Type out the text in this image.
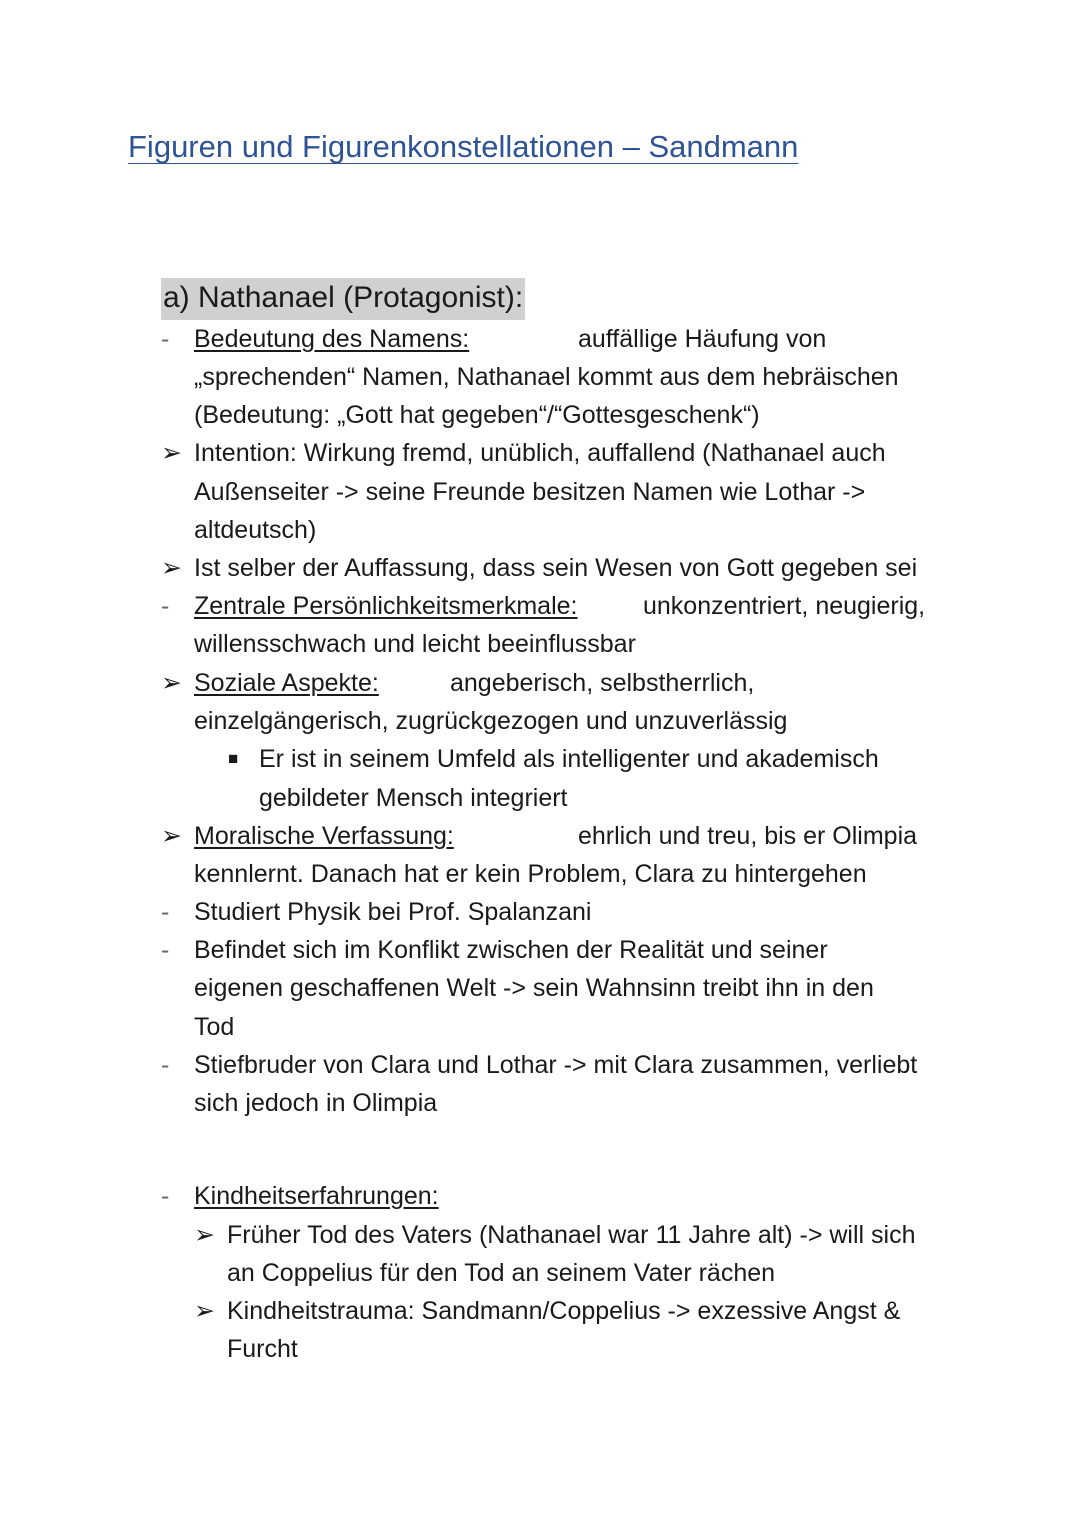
Figuren und Figurenkonstellationen – Sandmann
a) Nathanael (Protagonist):
- Bedeutung des Namens:	auffällige Häufung von
„sprechenden“ Namen, Nathanael kommt aus dem hebräischen
(Bedeutung: „Gott hat gegeben“/“Gottesgeschenk“)
➢ Intention: Wirkung fremd, unüblich, auffallend (Nathanael auch
Außenseiter -> seine Freunde besitzen Namen wie Lothar ->
altdeutsch)
➢ Ist selber der Auffassung, dass sein Wesen von Gott gegeben sei
- Zentrale Persönlichkeitsmerkmale:	unkonzentriert, neugierig,
willensschwach und leicht beeinflussbar
➢ Soziale Aspekte:	angeberisch, selbstherrlich,
einzelgängerisch, zugrückgezogen und unzuverlässig
■ Er ist in seinem Umfeld als intelligenter und akademisch
gebildeter Mensch integriert
➢ Moralische Verfassung:	ehrlich und treu, bis er Olimpia
kennlernt. Danach hat er kein Problem, Clara zu hintergehen
- Studiert Physik bei Prof. Spalanzani
- Befindet sich im Konflikt zwischen der Realität und seiner
eigenen geschaffenen Welt -> sein Wahnsinn treibt ihn in den
Tod
- Stiefbruder von Clara und Lothar -> mit Clara zusammen, verliebt
sich jedoch in Olimpia
- Kindheitserfahrungen:
➢ Früher Tod des Vaters (Nathanael war 11 Jahre alt) -> will sich
an Coppelius für den Tod an seinem Vater rächen
➢ Kindheitstrauma: Sandmann/Coppelius -> exzessive Angst &
Furcht
